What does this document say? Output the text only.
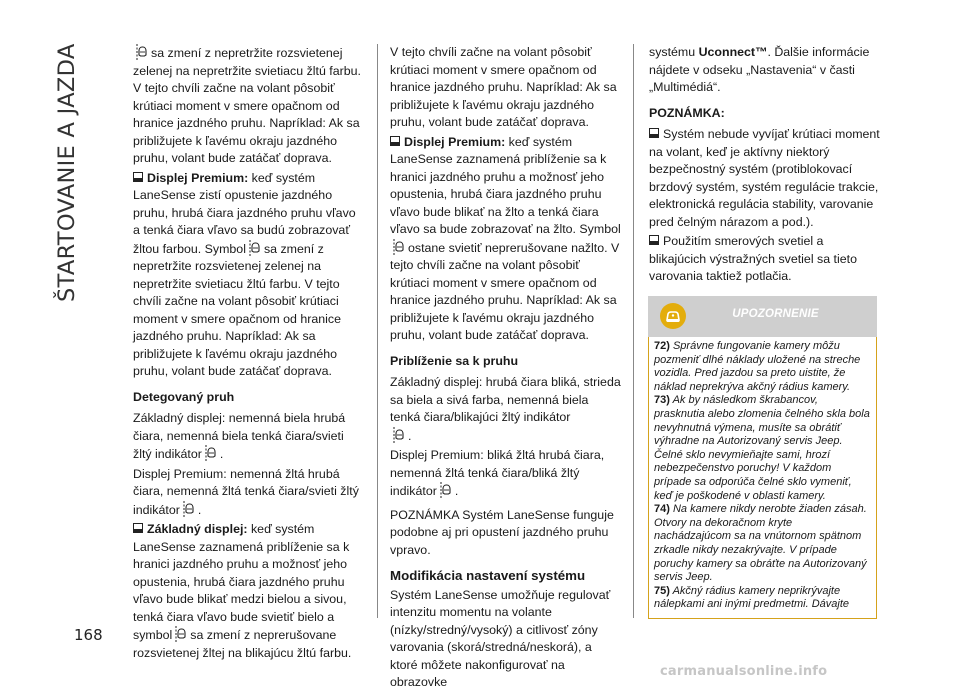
ŠTARTOVANIE A JAZDA
168
carmanualsonline.info

sa zmení z nepretržite rozsvietenej zelenej na nepretržite svietiacu žltú farbu. V tejto chvíli začne na volant pôsobiť krútiaci moment v smere opačnom od hranice jazdného pruhu. Napríklad: Ak sa približujete k ľavému okraju jazdného pruhu, volant bude zatáčať doprava.

Displej Premium: keď systém LaneSense zistí opustenie jazdného pruhu, hrubá čiara jazdného pruhu vľavo a tenká čiara vľavo sa budú zobrazovať žltou farbou. Symbol sa zmení z nepretržite rozsvietenej zelenej na nepretržite svietiacu žltú farbu. V tejto chvíli začne na volant pôsobiť krútiaci moment v smere opačnom od hranice jazdného pruhu. Napríklad: Ak sa približujete k ľavému okraju jazdného pruhu, volant bude zatáčať doprava.

Detegovaný pruh

Základný displej: nemenná biela hrubá čiara, nemenná biela tenká čiara/svieti žltý indikátor .

Displej Premium: nemenná žltá hrubá čiara, nemenná žltá tenká čiara/svieti žltý indikátor .

Základný displej: keď systém LaneSense zaznamená priblíženie sa k hranici jazdného pruhu a možnosť jeho opustenia, hrubá čiara jazdného pruhu vľavo bude blikať medzi bielou a sivou, tenká čiara vľavo bude svietiť bielo a symbol sa zmení z neprerušovane rozsvietenej žltej na blikajúcu žltú farbu.

V tejto chvíli začne na volant pôsobiť krútiaci moment v smere opačnom od hranice jazdného pruhu. Napríklad: Ak sa približujete k ľavému okraju jazdného pruhu, volant bude zatáčať doprava.

Displej Premium: keď systém LaneSense zaznamená priblíženie sa k hranici jazdného pruhu a možnosť jeho opustenia, hrubá čiara jazdného pruhu vľavo bude blikať na žlto a tenká čiara vľavo sa bude zobrazovať na žlto. Symbol

ostane svietiť neprerušovane nažlto. V tejto chvíli začne na volant pôsobiť krútiaci moment v smere opačnom od hranice jazdného pruhu. Napríklad: Ak sa približujete k ľavému okraju jazdného pruhu, volant bude zatáčať doprava.

Priblíženie sa k pruhu

Základný displej: hrubá čiara bliká, strieda sa biela a sivá farba, nemenná biela tenká čiara/blikajúci žltý indikátor

.

Displej Premium: bliká žltá hrubá čiara, nemenná žltá tenká čiara/bliká žltý indikátor .

POZNÁMKA Systém LaneSense funguje podobne aj pri opustení jazdného pruhu vpravo.

Modifikácia nastavení systému

Systém LaneSense umožňuje regulovať intenzitu momentu na volante (nízky/stredný/vysoký) a citlivosť zóny varovania (skorá/stredná/neskorá), a ktoré môžete nakonfigurovať na obrazovke

systému Uconnect™. Ďalšie informácie nájdete v odseku „Nastavenia“ v časti „Multimédiá“.

POZNÁMKA:

Systém nebude vyvíjať krútiaci moment na volant, keď je aktívny niektorý bezpečnostný systém (protiblokovací brzdový systém, systém regulácie trakcie, elektronická regulácia stability, varovanie pred čelným nárazom a pod.).

Použitím smerových svetiel a blikajúcich výstražných svetiel sa tieto varovania taktiež potlačia.

UPOZORNENIE

72) Správne fungovanie kamery môžu pozmeniť dlhé náklady uložené na streche vozidla. Pred jazdou sa preto uistite, že náklad neprekrýva akčný rádius kamery.

73) Ak by následkom škrabancov, prasknutia alebo zlomenia čelného skla bola nevyhnutná výmena, musíte sa obrátiť výhradne na Autorizovaný servis Jeep. Čelné sklo nevymieňajte sami, hrozí nebezpečenstvo poruchy! V každom prípade sa odporúča čelné sklo vymeniť, keď je poškodené v oblasti kamery.

74) Na kamere nikdy nerobte žiaden zásah. Otvory na dekoračnom kryte nachádzajúcom sa na vnútornom spätnom zrkadle nikdy nezakrývajte. V prípade poruchy kamery sa obráťte na Autorizovaný servis Jeep.

75) Akčný rádius kamery neprikrývajte nálepkami ani inými predmetmi. Dávajte
